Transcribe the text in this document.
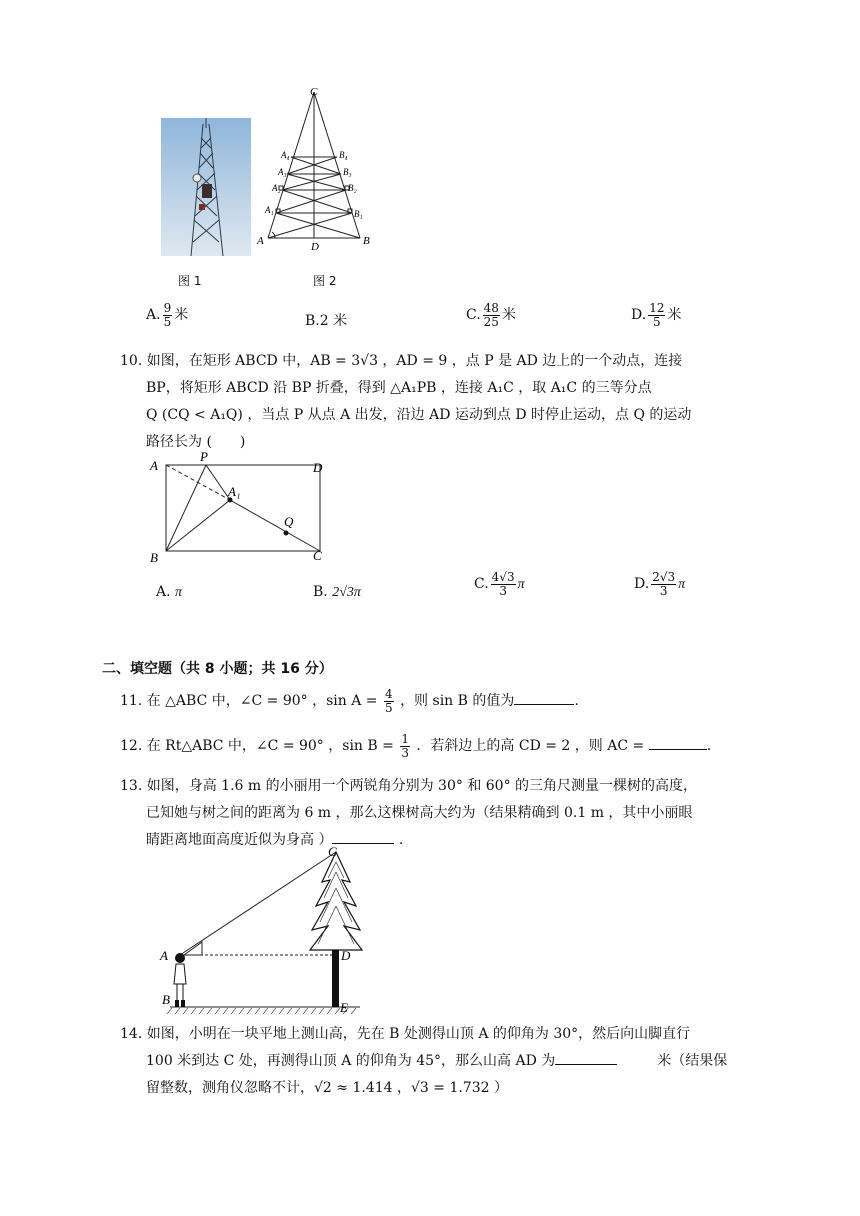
C
A₄	B₄
A₃	B₃
A₂	B₂
A₁	B₁
A	D	B
图 1	图 2
A. $\frac{9}{5}$ 米	B.2 米	C. $\frac{48}{25}$ 米	D. $\frac{12}{5}$ 米
10. 如图，在矩形 ABCD 中，AB = 3√3 ，AD = 9 ，点 P 是 AD 边上的一个动点，连接
BP，将矩形 ABCD 沿 BP 折叠，得到 △A₁PB ，连接 A₁C ，取 A₁C 的三等分点
Q (CQ < A₁Q) ，当点 P 从点 A 出发，沿边 AD 运动到点 D 时停止运动，点 Q 的运动
路径长为 (　　)
A
P
D
A₁
Q
B	C
A. π	B. 2√3π
C. $\frac{4√3}{3}$ π	D. $\frac{2√3}{3}$ π
二、填空题（共 8 小题；共 16 分）
11. 在 △ABC 中，∠C = 90° ，$\sin A = \frac{4}{5}$ ，则 sin B 的值为	.
12. 在 Rt△ABC 中，∠C = 90° ，$\sin B = \frac{1}{3}$ ．若斜边上的高 CD = 2 ，则 AC =	.
13. 如图，身高 1.6 m 的小丽用一个两锐角分别为 30° 和 60° 的三角尺测量一棵树的高度，
已知她与树之间的距离为 6 m ，那么这棵树高大约为（结果精确到 0.1 m ，其中小丽眼
睛距离地面高度近似为身高 ）	.
C
A	D
B
E
14. 如图，小明在一块平地上测山高，先在 B 处测得山顶 A 的仰角为 30°，然后向山脚直行
100 米到达 C 处，再测得山顶 A 的仰角为 45°，那么山高 AD 为	米（结果保
留整数，测角仪忽略不计，√2 ≈ 1.414 ，√3 = 1.732 ）
